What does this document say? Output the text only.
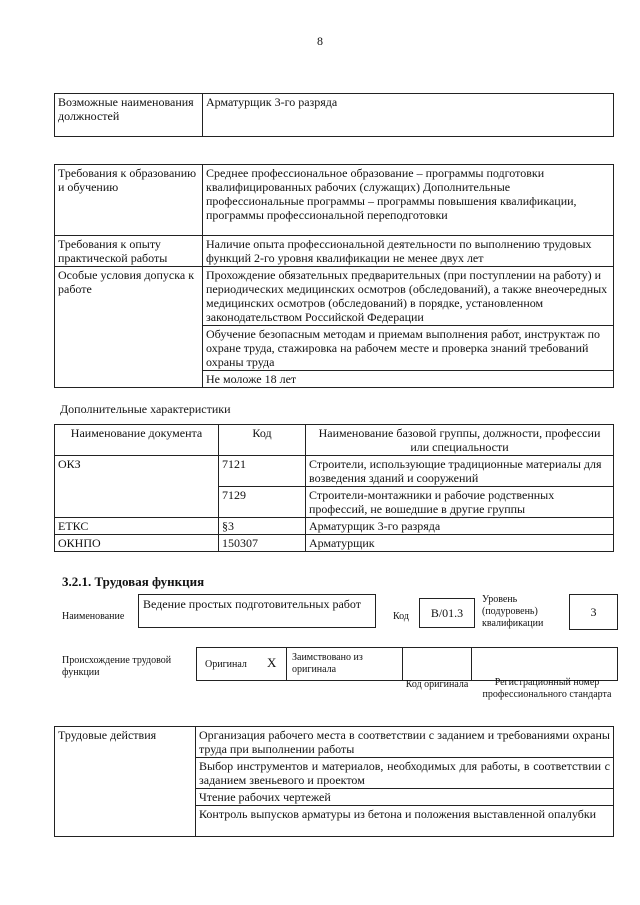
8
Возможные наименования должностей	Арматурщик 3-го разряда
Требования к образованию и обучению	Среднее профессиональное образование – программы подготовки квалифицированных рабочих (служащих) Дополнительные профессиональные программы – программы повышения квалификации, программы профессиональной переподготовки
Требования к опыту практической работы	Наличие опыта профессиональной деятельности по выполнению трудовых функций 2-го уровня квалификации не менее двух лет
Особые условия допуска к работе	Прохождение обязательных предварительных (при поступлении на работу) и периодических медицинских осмотров (обследований), а также внеочередных медицинских осмотров (обследований) в порядке, установленном законодательством Российской Федерации
	Обучение безопасным методам и приемам выполнения работ, инструктаж по охране труда, стажировка на рабочем месте и проверка знаний требований охраны труда
	Не моложе 18 лет
Дополнительные характеристики
Наименование документа	Код	Наименование базовой группы, должности, профессии или специальности
ОКЗ	7121	Строители, использующие традиционные материалы для возведения зданий и сооружений
	7129	Строители-монтажники и рабочие родственных профессий, не вошедшие в другие группы
ЕТКС	§3	Арматурщик 3-го разряда
ОКНПО	150307	Арматурщик
3.2.1. Трудовая функция
Наименование
Ведение простых подготовительных работ
Код	B/01.3
Уровень (подуровень) квалификации
3
Происхождение трудовой функции
Оригинал X Заимствовано из оригинала
Код оригинала	Регистрационный номер профессионального стандарта
Трудовые действия	Организация рабочего места в соответствии с заданием и требованиями охраны труда при выполнении работы
Выбор инструментов и материалов, необходимых для работы, в соответствии с заданием звеньевого и проектом
Чтение рабочих чертежей
Контроль выпусков арматуры из бетона и положения выставленной опалубки
